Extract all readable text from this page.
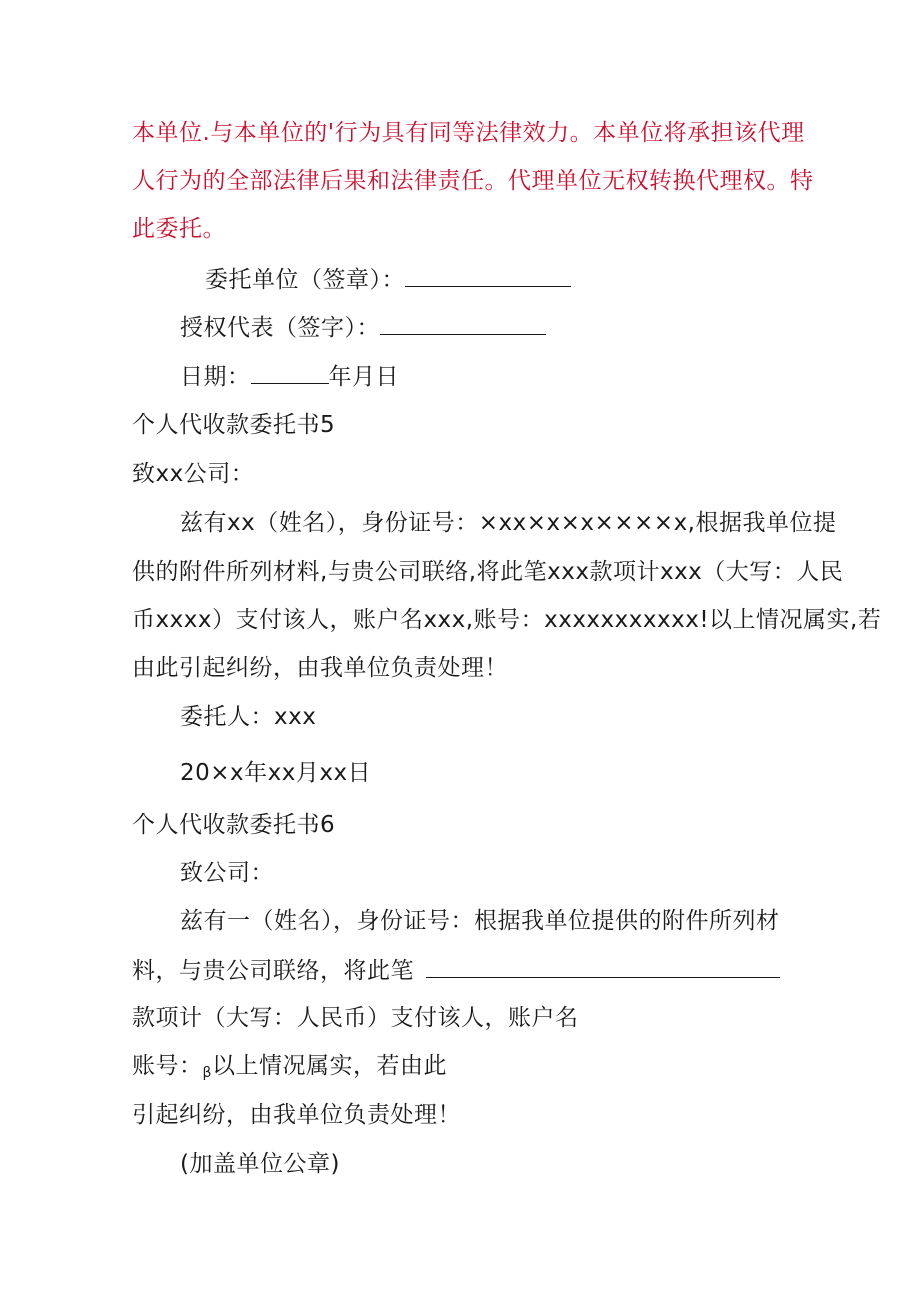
本单位.与本单位的'行为具有同等法律效力。本单位将承担该代理
人行为的全部法律后果和法律责任。代理单位无权转换代理权。特
此委托。
委托单位（签章）：
授权代表（签字）：
日期：	年月日
个人代收款委托书5
致xx公司：
兹有xx（姓名），身份证号：×xx×x×x××××x,根据我单位提
供的附件所列材料,与贵公司联络,将此笔xxx款项计xxx（大写：人民
币xxxx）支付该人，账户名xxx,账号：xxxxxxxxxxx!以上情况属实,若
由此引起纠纷，由我单位负责处理！
委托人：xxx
20×x年xx月xx日
个人代收款委托书6
致公司：
兹有一（姓名），身份证号：根据我单位提供的附件所列材
料，与贵公司联络，将此笔
款项计（大写：人民币）支付该人，账户名
账号：$_\beta$以上情况属实，若由此
引起纠纷，由我单位负责处理！
(加盖单位公章)
